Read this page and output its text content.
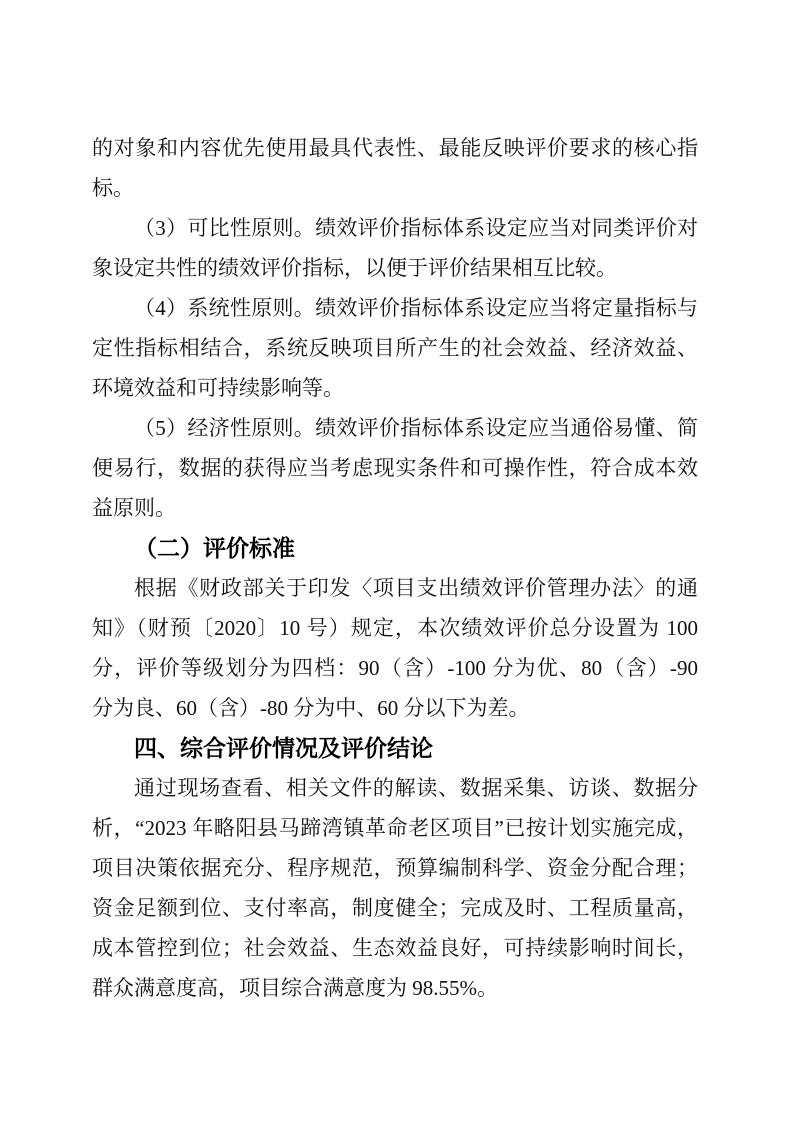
的对象和内容优先使用最具代表性、最能反映评价要求的核心指
标。
（3）可比性原则。绩效评价指标体系设定应当对同类评价对
象设定共性的绩效评价指标，以便于评价结果相互比较。
（4）系统性原则。绩效评价指标体系设定应当将定量指标与
定性指标相结合，系统反映项目所产生的社会效益、经济效益、
环境效益和可持续影响等。
（5）经济性原则。绩效评价指标体系设定应当通俗易懂、简
便易行，数据的获得应当考虑现实条件和可操作性，符合成本效
益原则。
（二）评价标准
根据《财政部关于印发〈项目支出绩效评价管理办法〉的通
知》（财预〔2020〕10 号）规定，本次绩效评价总分设置为 100
分，评价等级划分为四档：90（含）-100 分为优、80（含）-90
分为良、60（含）-80 分为中、60 分以下为差。
四、综合评价情况及评价结论
通过现场查看、相关文件的解读、数据采集、访谈、数据分
析，“2023 年略阳县马蹄湾镇革命老区项目”已按计划实施完成，
项目决策依据充分、程序规范，预算编制科学、资金分配合理；
资金足额到位、支付率高，制度健全；完成及时、工程质量高，
成本管控到位；社会效益、生态效益良好，可持续影响时间长，
群众满意度高，项目综合满意度为 98.55%。
